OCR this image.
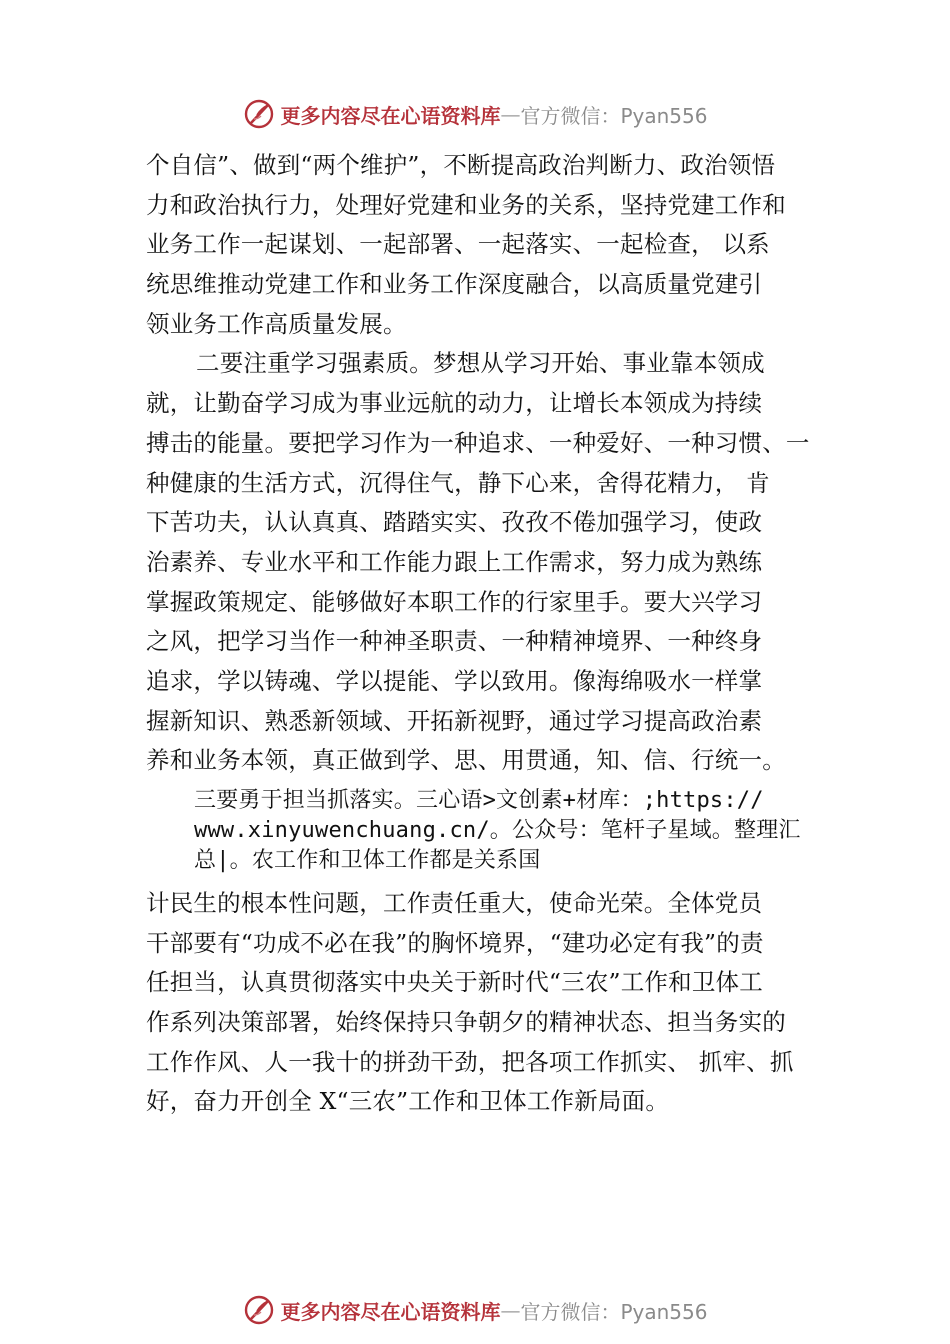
更多内容尽在心语资料库 — 官方微信：Pyan556
个自信”、做到“两个维护”，不断提高政治判断力、政治领悟
力和政治执行力，处理好党建和业务的关系，坚持党建工作和
业务工作一起谋划、一起部署、一起落实、一起检查， 以系
统思维推动党建工作和业务工作深度融合，以高质量党建引
领业务工作高质量发展。
二要注重学习强素质。梦想从学习开始、事业靠本领成
就，让勤奋学习成为事业远航的动力，让增长本领成为持续
搏击的能量。要把学习作为一种追求、一种爱好、一种习惯、一
种健康的生活方式，沉得住气，静下心来，舍得花精力， 肯
下苦功夫，认认真真、踏踏实实、孜孜不倦加强学习，使政
治素养、专业水平和工作能力跟上工作需求，努力成为熟练
掌握政策规定、能够做好本职工作的行家里手。要大兴学习
之风，把学习当作一种神圣职责、一种精神境界、一种终身
追求，学以铸魂、学以提能、学以致用。像海绵吸水一样掌
握新知识、熟悉新领域、开拓新视野，通过学习提高政治素
养和业务本领，真正做到学、思、用贯通，知、信、行统一。
三要勇于担当抓落实。三心语>文创素+材库：;https://
www.xinyuwenchuang.cn/。公众号：笔杆子星域。整理汇
总|。农工作和卫体工作都是关系国
计民生的根本性问题，工作责任重大，使命光荣。全体党员
干部要有“功成不必在我”的胸怀境界，“建功必定有我”的责
任担当，认真贯彻落实中央关于新时代“三农”工作和卫体工
作系列决策部署，始终保持只争朝夕的精神状态、担当务实的
工作作风、人一我十的拼劲干劲，把各项工作抓实、 抓牢、抓
好，奋力开创全 X“三农”工作和卫体工作新局面。
更多内容尽在心语资料库 — 官方微信：Pyan556
